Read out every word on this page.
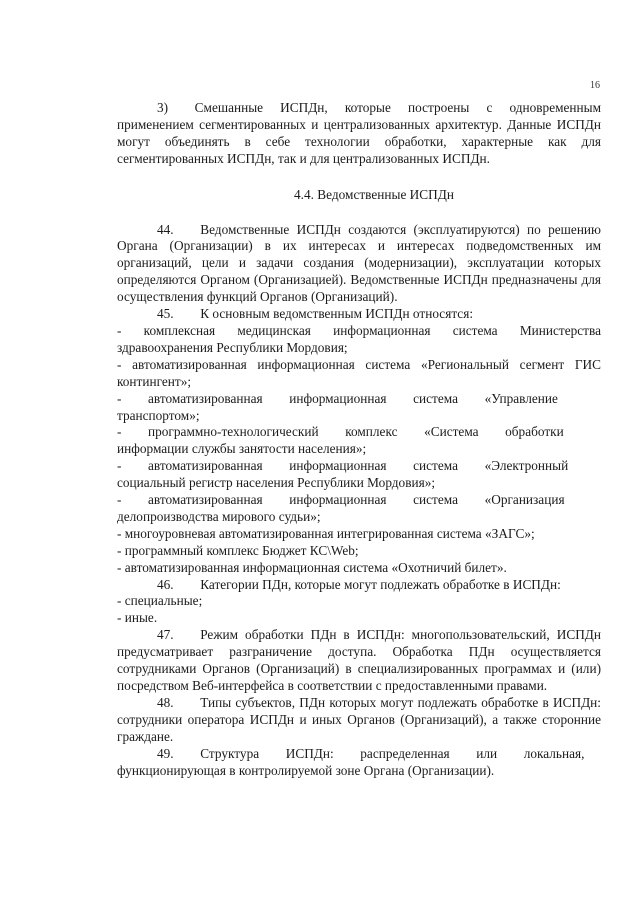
16

3)  Смешанные ИСПДн, которые построены с одновременным применением сегментированных и централизованных архитектур. Данные ИСПДн могут объединять в себе технологии обработки, характерные как для сегментированных ИСПДн, так и для централизованных ИСПДн.

4.4. Ведомственные ИСПДн

44.  Ведомственные ИСПДн создаются (эксплуатируются) по решению Органа (Организации) в их интересах и интересах подведомственных им организаций, цели и задачи создания (модернизации), эксплуатации которых определяются Органом (Организацией). Ведомственные ИСПДн предназначены для осуществления функций Органов (Организаций).

45.  К основным ведомственным ИСПДн относятся:

- комплексная медицинская информационная система Министерства здравоохранения Республики Мордовия;

- автоматизированная информационная система «Региональный сегмент ГИС контингент»;

-  автоматизированная  информационная  система  «Управление транспортом»;

-  программно-технологический  комплекс  «Система  обработки информации службы занятости населения»;

-  автоматизированная  информационная  система  «Электронный социальный регистр населения Республики Мордовия»;

-  автоматизированная  информационная  система  «Организация делопроизводства мирового судьи»;

- многоуровневая автоматизированная интегрированная система «ЗАГС»;

- программный комплекс Бюджет КС\Web;

- автоматизированная информационная система «Охотничий билет».

46.  Категории ПДн, которые могут подлежать обработке в ИСПДн:

- специальные;

- иные.

47.  Режим обработки ПДн в ИСПДн: многопользовательский, ИСПДн предусматривает разграничение доступа. Обработка ПДн осуществляется сотрудниками Органов (Организаций) в специализированных программах и (или) посредством Веб-интерфейса в соответствии с предоставленными правами.

48.  Типы субъектов, ПДн которых могут подлежать обработке в ИСПДн: сотрудники оператора ИСПДн и иных Органов (Организаций), а также сторонние граждане.

49.  Структура  ИСПДн:  распределенная  или  локальная, функционирующая в контролируемой зоне Органа (Организации).
